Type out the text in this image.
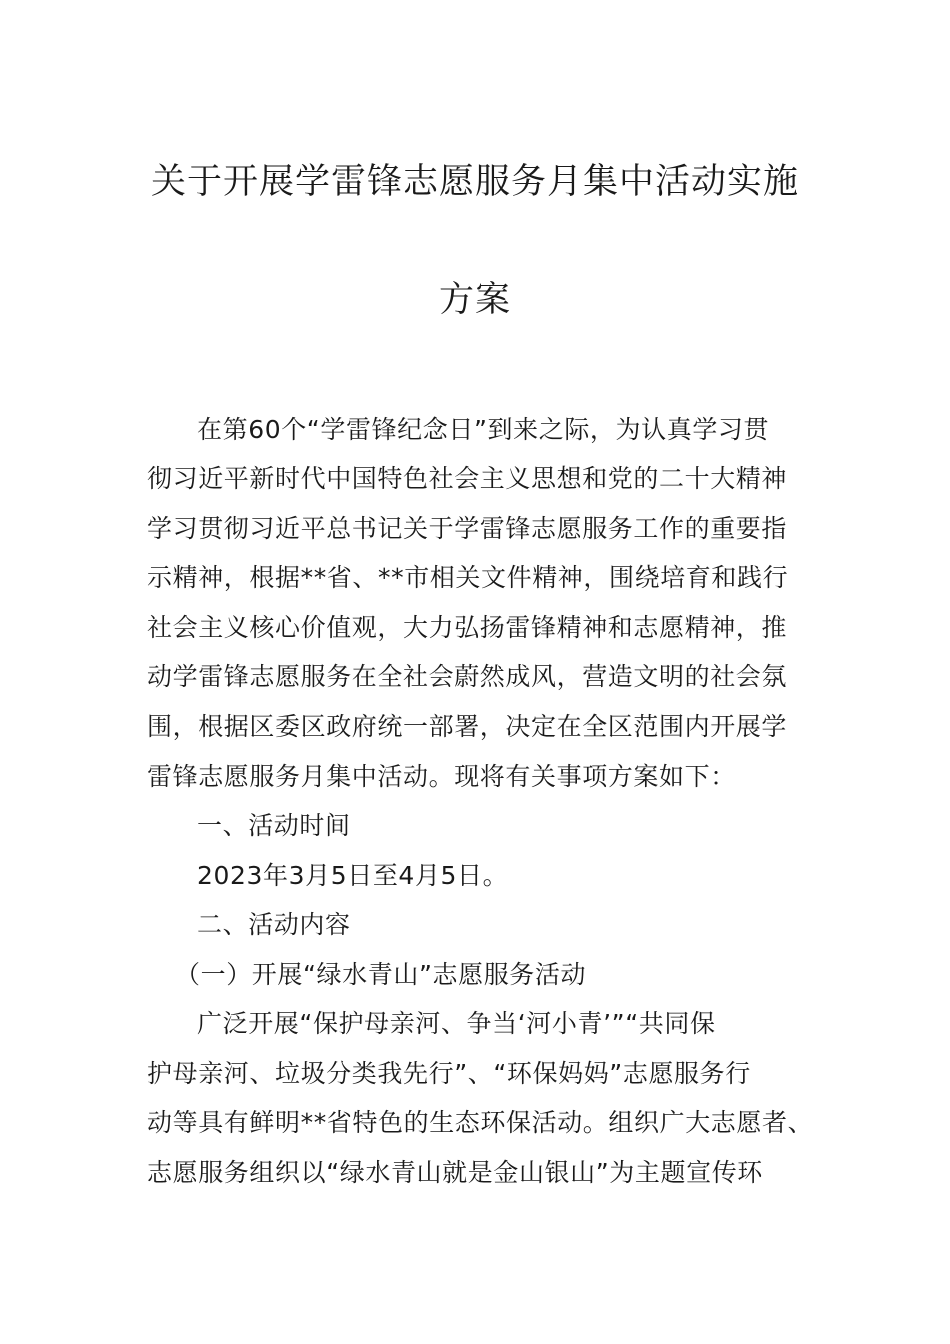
关于开展学雷锋志愿服务月集中活动实施
方案

在第60个“学雷锋纪念日”到来之际，为认真学习贯

彻习近平新时代中国特色社会主义思想和党的二十大精神

学习贯彻习近平总书记关于学雷锋志愿服务工作的重要指

示精神，根据**省、**市相关文件精神，围绕培育和践行

社会主义核心价值观，大力弘扬雷锋精神和志愿精神，推

动学雷锋志愿服务在全社会蔚然成风，营造文明的社会氛

围，根据区委区政府统一部署，决定在全区范围内开展学

雷锋志愿服务月集中活动。现将有关事项方案如下：

一、活动时间

2023年3月5日至4月5日。

二、活动内容

（一）开展“绿水青山”志愿服务活动

广泛开展“保护母亲河、争当‘河小青’”“共同保

护母亲河、垃圾分类我先行”、“环保妈妈”志愿服务行

动等具有鲜明**省特色的生态环保活动。组织广大志愿者、

志愿服务组织以“绿水青山就是金山银山”为主题宣传环
